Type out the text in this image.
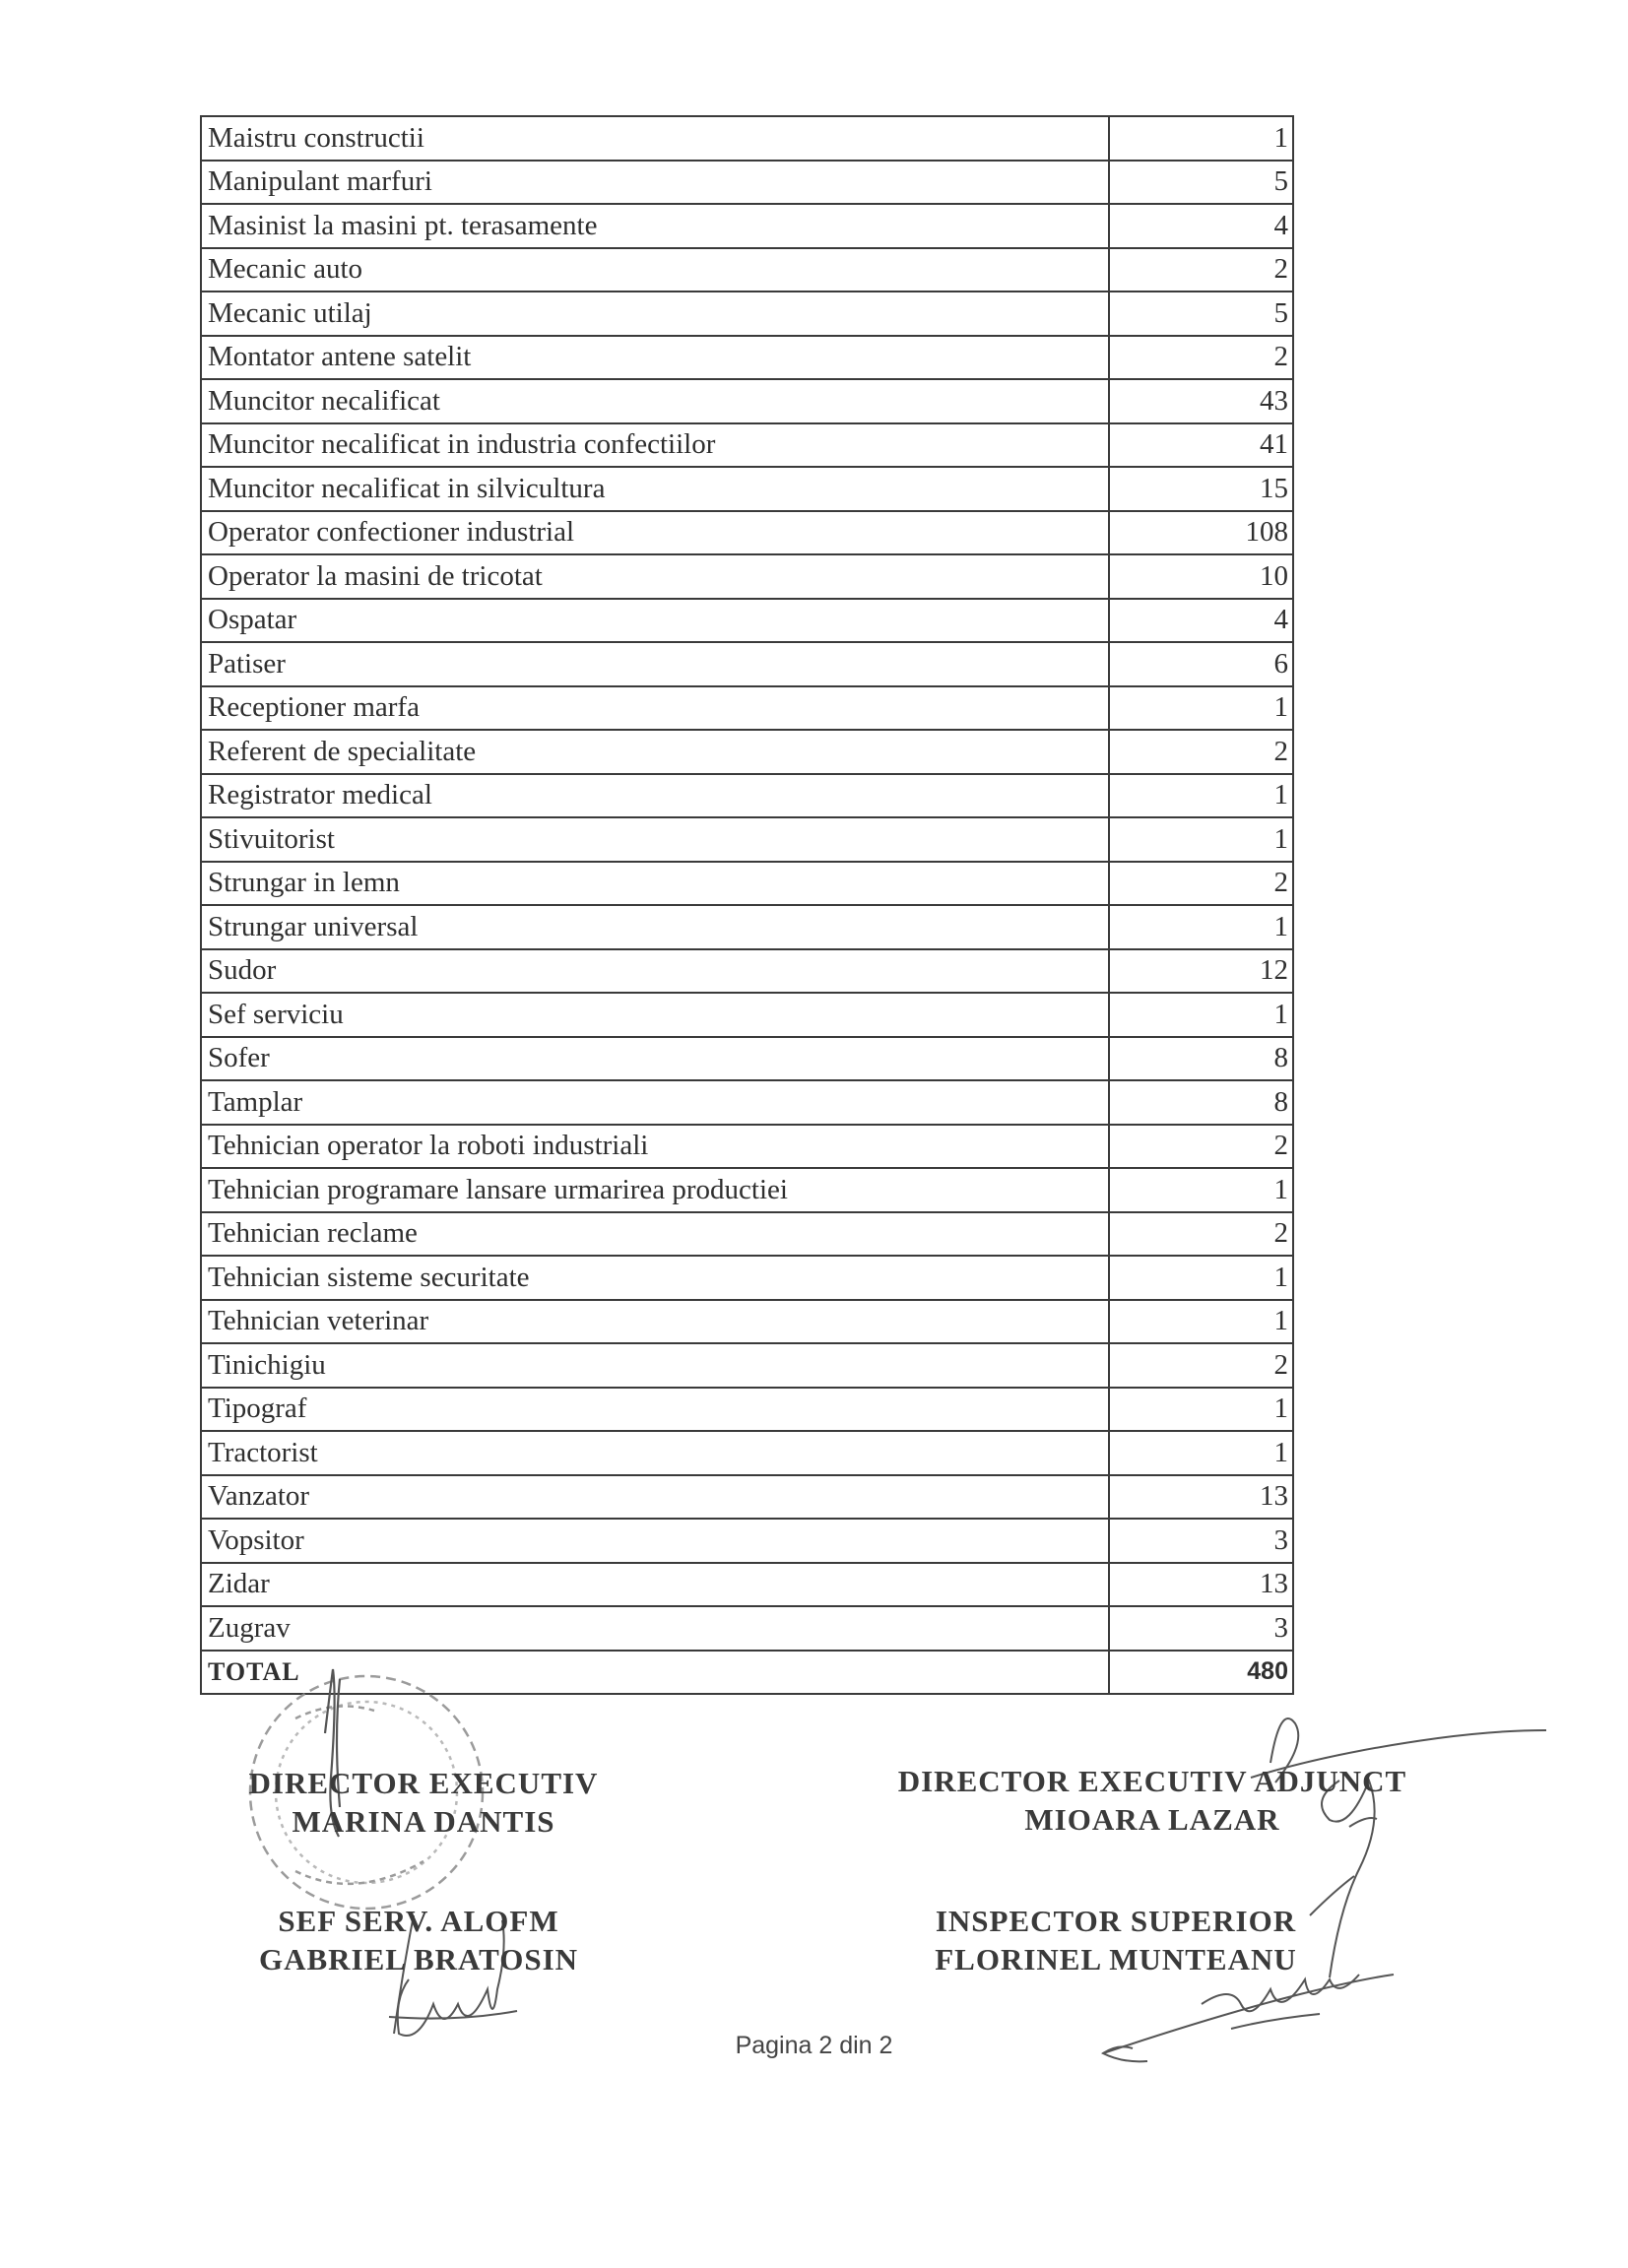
Maistru constructii	1
Manipulant marfuri	5
Masinist la masini pt. terasamente	4
Mecanic auto	2
Mecanic utilaj	5
Montator antene satelit	2
Muncitor necalificat	43
Muncitor necalificat in industria confectiilor	41
Muncitor necalificat in silvicultura	15
Operator confectioner industrial	108
Operator la masini de tricotat	10
Ospatar	4
Patiser	6
Receptioner marfa	1
Referent de specialitate	2
Registrator medical	1
Stivuitorist	1
Strungar in lemn	2
Strungar universal	1
Sudor	12
Sef serviciu	1
Sofer	8
Tamplar	8
Tehnician operator la roboti industriali	2
Tehnician programare lansare urmarirea productiei	1
Tehnician reclame	2
Tehnician sisteme securitate	1
Tehnician veterinar	1
Tinichigiu	2
Tipograf	1
Tractorist	1
Vanzator	13
Vopsitor	3
Zidar	13
Zugrav	3
TOTAL	480
DIRECTOR EXECUTIV
MARINA DANTIS
DIRECTOR EXECUTIV ADJUNCT
MIOARA LAZAR
SEF SERV. ALOFM
GABRIEL BRATOSIN
INSPECTOR SUPERIOR
FLORINEL MUNTEANU
Pagina 2 din 2
